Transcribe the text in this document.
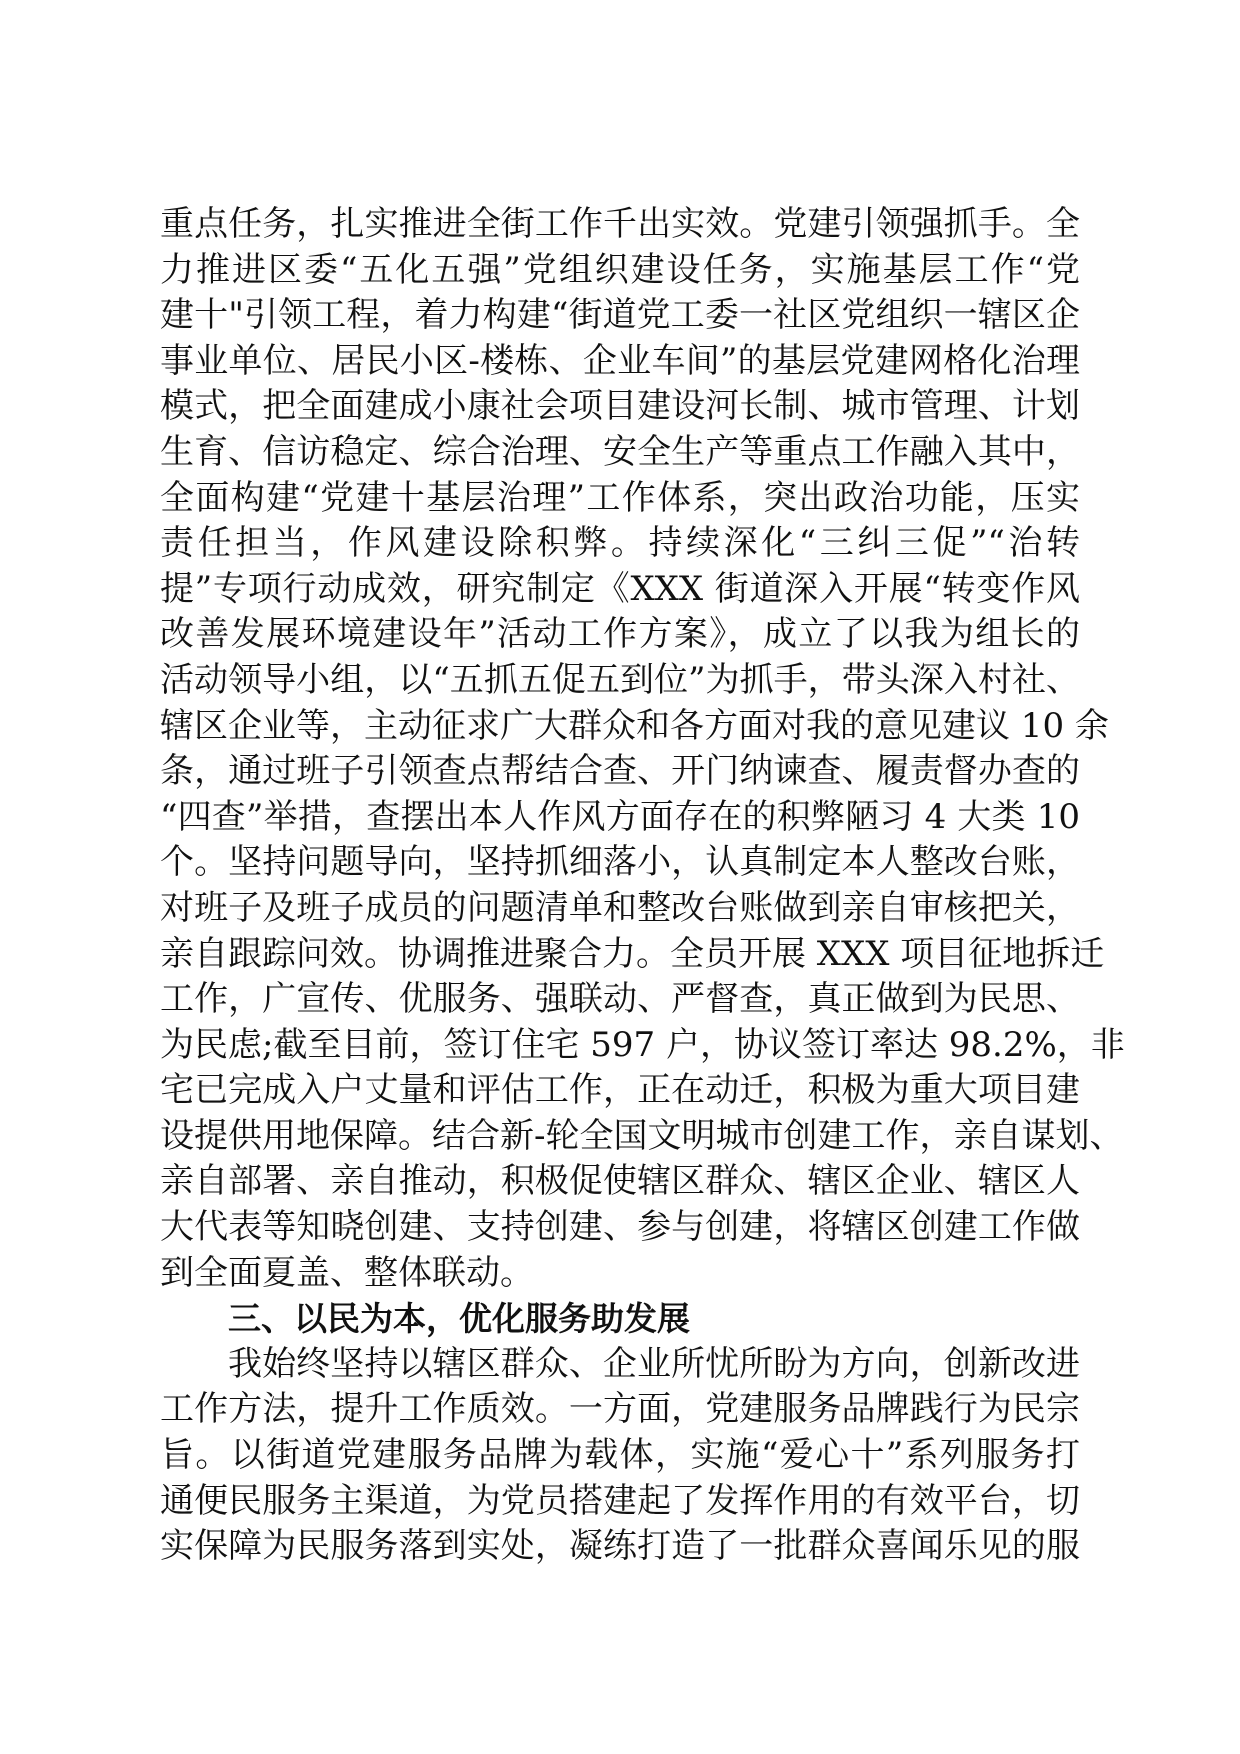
重点任务，扎实推进全街工作千出实效。党建引领强抓手。全
力推进区委“五化五强”党组织建设任务，实施基层工作“党
建十"引领工程，着力构建“街道党工委一社区党组织一辖区企
事业单位、居民小区-楼栋、企业车间”的基层党建网格化治理
模式，把全面建成小康社会项目建设河长制、城市管理、计划
生育、信访稳定、综合治理、安全生产等重点工作融入其中，
全面构建“党建十基层治理”工作体系，突出政治功能，压实
责任担当，作风建设除积弊。持续深化“三纠三促”“治转
提”专项行动成效，研究制定《XXX 街道深入开展“转变作风
改善发展环境建设年”活动工作方案》，成立了以我为组长的
活动领导小组，以“五抓五促五到位”为抓手，带头深入村社、
辖区企业等，主动征求广大群众和各方面对我的意见建议 10 余
条，通过班子引领查点帮结合查、开门纳谏查、履责督办查的
“四查”举措，查摆出本人作风方面存在的积弊陋习 4 大类 10
个。坚持问题导向，坚持抓细落小，认真制定本人整改台账，
对班子及班子成员的问题清单和整改台账做到亲自审核把关，
亲自跟踪问效。协调推进聚合力。全员开展 XXX 项目征地拆迁
工作，广宣传、优服务、强联动、严督查，真正做到为民思、
为民虑;截至目前，签订住宅 597 户，协议签订率达 98.2%，非
宅已完成入户丈量和评估工作，正在动迁，积极为重大项目建
设提供用地保障。结合新-轮全国文明城市创建工作，亲自谋划、
亲自部署、亲自推动，积极促使辖区群众、辖区企业、辖区人
大代表等知晓创建、支持创建、参与创建，将辖区创建工作做
到全面夏盖、整体联动。
三、以民为本，优化服务助发展
我始终坚持以辖区群众、企业所忧所盼为方向，创新改进
工作方法，提升工作质效。一方面，党建服务品牌践行为民宗
旨。以街道党建服务品牌为载体，实施“爱心十”系列服务打
通便民服务主渠道，为党员搭建起了发挥作用的有效平台，切
实保障为民服务落到实处，凝练打造了一批群众喜闻乐见的服
